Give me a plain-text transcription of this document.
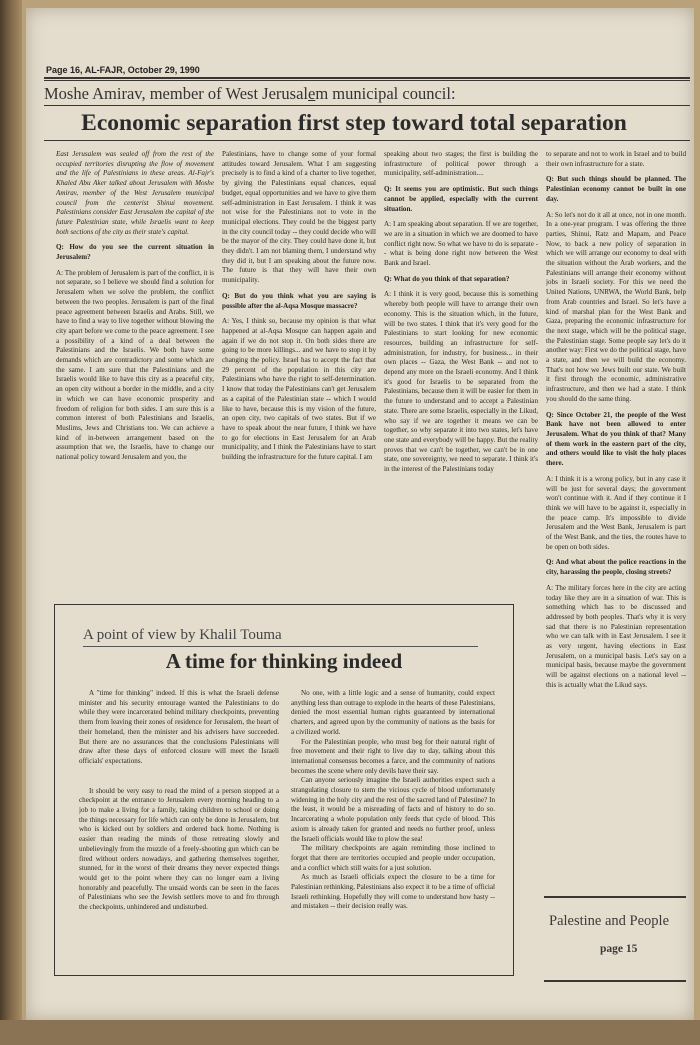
Page 16, AL-FAJR, October 29, 1990
Moshe Amirav, member of West Jerusalem municipal council:
Economic separation first step toward total separation

East Jerusalem was sealed off from the rest of the occupied territories disrupting the flow of movement and the life of Palestinians in these areas. Al-Fajr's Khaled Abu Aker talked about Jerusalem with Moshe Amirav, member of the West Jerusalem municipal council from the centerist Shinui movement. Palestinians consider East Jerusalem the capital of the future Palestinian state, while Israelis want to keep both sections of the city as their state's capital.

Q: How do you see the current situation in Jerusalem?

A: The problem of Jerusalem is part of the conflict, it is not separate, so I believe we should find a solution for Jerusalem when we solve the problem, the conflict between the two peoples. Jerusalem is part of the final peace agreement between Israelis and Arabs. Still, we have to find a way to live together without blowing the city apart before we come to the peace agreement. I see a possibility of a kind of a deal between the Palestinians and the Israelis. We both have some demands which are contradictory and some which are the same. I am sure that the Palestinians and the Israelis would like to have this city as a peaceful city, an open city without a border in the middle, and a city in which we can have economic prosperity and freedom of religion for both sides. I am sure this is a common interest of both Palestinians and Israelis, Muslims, Jews and Christians too. We can achieve a kind of in-between arrangement based on the assumption that we, the Israelis, have to change our national policy toward Jerusalem and you, the

Palestinians, have to change some of your formal attitudes toward Jerusalem. What I am suggesting precisely is to find a kind of a charter to live together, by giving the Palestinians equal chances, equal budget, equal opportunities and we have to give them self-administration in East Jerusalem. I think it was not wise for the Palestinians not to vote in the municipal elections. They could be the biggest party in the city council today -- they could decide who will be the mayor of the city. They could have done it, but they didn't. I am not blaming them, I understand why they did it, but I am speaking about the future now. The future is that they will have their own municipality.

Q: But do you think what you are saying is possible after the al-Aqsa Mosque massacre?

A: Yes, I think so, because my opinion is that what happened at al-Aqsa Mosque can happen again and again if we do not stop it. On both sides there are going to be more killings... and we have to stop it by changing the policy. Israel has to accept the fact that 29 percent of the population in this city are Palestinians who have the right to self-determination. I know that today the Palestinians can't get Jerusalem as a capital of the Palestinian state -- which I would like to have, because this is my vision of the future, an open city, two capitals of two states. But if we have to speak about the near future, I think we have to go for elections in East Jerusalem for an Arab municipality, and I think the Palestinians have to start building the infrastructure for the future capital. I am

speaking about two stages; the first is building the infrastructure of political power through a municipality, self-administration....

Q: It seems you are optimistic. But such things cannot be applied, especially with the current situation.

A: I am speaking about separation. If we are together, we are in a situation in which we are doomed to have conflict right now. So what we have to do is separate -- what is being done right now between the West Bank and Israel.

Q: What do you think of that separation?

A: I think it is very good, because this is something whereby both people will have to arrange their own economy. This is the situation which, in the future, will be two states. I think that it's very good for the Palestinians to start looking for new economic resources, building an infrastructure for self-administration, for industry, for business... in their own places -- Gaza, the West Bank -- and not to depend any more on the Israeli economy. And I think it's good for Israelis to be separated from the Palestinians, because then it will be easier for them in the future to understand and to accept a Palestinian state. There are some Israelis, especially in the Likud, who say if we are together it means we can be together, so why separate it into two states, let's have one state and everybody will be happy. But the reality proves that we can't be together, we can't be in one state, one sovereignty, we need to separate. I think it's in the interest of the Palestinians today

to separate and not to work in Israel and to build their own infrastructure for a state.

Q: But such things should be planned. The Palestinian economy cannot be built in one day.

A: So let's not do it all at once, not in one month. In a one-year program. I was offering the three parties, Shinui, Ratz and Mapam, and Peace Now, to back a new policy of separation in which we will arrange our economy to deal with the situation without the Arab workers, and the Palestinians will arrange their economy without jobs in Israeli society. For this we need the United Nations, UNRWA, the World Bank, help from Arab countries and Israel. So let's have a kind of marshal plan for the West Bank and Gaza, preparing the economic infrastructure for the next stage, which will be the political stage, the Palestinian stage. Some people say let's do it another way: First we do the political stage, have a state, and then we will build the economy. That's not how we Jews built our state. We built it first through the economic, administrative infrastructure, and then we had a state. I think you should do the same thing.

Q: Since October 21, the people of the West Bank have not been allowed to enter Jerusalem. What do you think of that? Many of them work in the eastern part of the city, and others would like to visit the holy places there.

A: I think it is a wrong policy, but in any case it will be just for several days; the government won't continue with it. And if they continue it I think we will have to be against it, especially in the peace camp. It's impossible to divide Jerusalem and the West Bank, Jerusalem is part of the West Bank, and the ties, the routes have to be open on both sides.

Q: And what about the police reactions in the city, harassing the people, closing streets?

A: The military forces here in the city are acting today like they are in a situation of war. This is something which has to be discussed and addressed by both peoples. That's why it is very sad that there is no Palestinian representation who we can talk with in East Jerusalem. I see it as very urgent, having elections in East Jerusalem, on a municipal basis. Let's say on a municipal basis, because maybe the government will be against elections on a national level -- this is actually what the Likud says.

A point of view by Khalil Touma
A time for thinking indeed

A "time for thinking" indeed. If this is what the Israeli defense minister and his security entourage wanted the Palestinians to do while they were incarcerated behind military checkpoints, preventing them from leaving their zones of residence for Jerusalem, the heart of their homeland, then the minister and his advisers have succeeded. But there are no assurances that the conclusions Palestinians will draw after these days of enforced closure will meet the Israeli officials' expectations.

It should be very easy to read the mind of a person stopped at a checkpoint at the entrance to Jerusalem every morning heading to a job to make a living for a family, taking children to school or doing the things necessary for life which can only be done in Jerusalem, but who is kicked out by soldiers and ordered back home. Nothing is easier than reading the minds of those retreating slowly and unbelievingly from the muzzle of a freely-shooting gun which can be fired without orders nowadays, and gathering themselves together, stunned, for in the worst of their dreams they never expected things would get to the point where they can no longer earn a living honorably and peacefully. The unsaid words can be seen in the faces of Palestinians who see the Jewish settlers move to and fro through the checkpoints, unhindered and undisturbed.

No one, with a little logic and a sense of humanity, could expect anything less than outrage to explode in the hearts of these Palestinians, denied the most essential human rights guaranteed by international charters, and agreed upon by the community of nations as the basis for a civilized world.

For the Palestinian people, who must beg for their natural right of free movement and their right to live day to day, talking about this international consensus becomes a farce, and the community of nations becomes the scene where only devils have their say.

Can anyone seriously imagine the Israeli authorities expect such a strangulating closure to stem the vicious cycle of blood unfortunately widening in the holy city and the rest of the sacred land of Palestine? In the least, it would be a misreading of facts and of history to do so. Incarcerating a whole population only feeds that cycle of blood. This axiom is already taken for granted and needs no further proof, unless the Israeli officials would like to plow the sea!

The military checkpoints are again reminding those inclined to forget that there are territories occupied and people under occupation, and a conflict which still waits for a just solution.

As much as Israeli officials expect the closure to be a time for Palestinian rethinking, Palestinians also expect it to be a time of official Israeli rethinking. Hopefully they will come to understand how hasty -- and mistaken -- their decision really was.

Palestine and People
page 15
